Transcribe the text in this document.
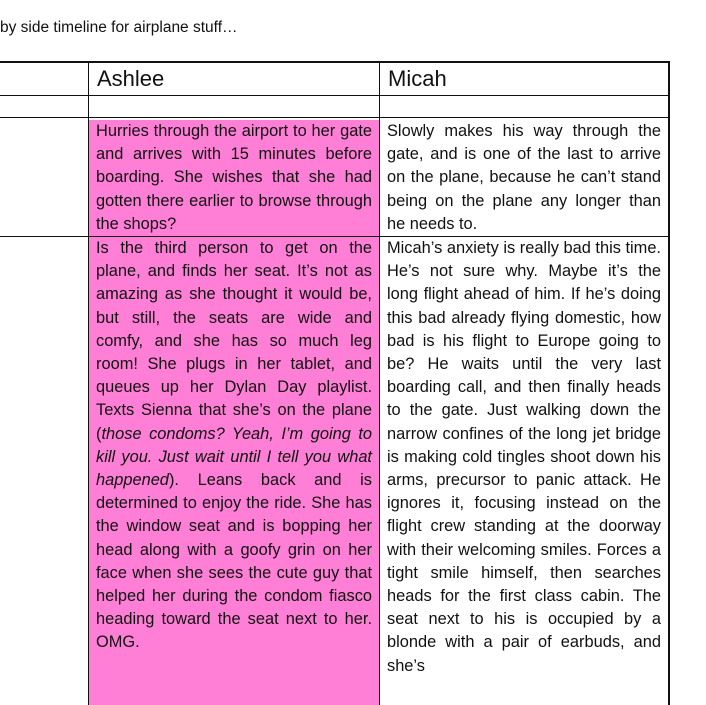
by side timeline for airplane stuff…

Ashlee	Micah

Hurries through the airport to her gate and arrives with 15 minutes before boarding. She wishes that she had gotten there earlier to browse through the shops?

Slowly makes his way through the gate, and is one of the last to arrive on the plane, because he can’t stand being on the plane any longer than he needs to.

Is the third person to get on the plane, and finds her seat. It’s not as amazing as she thought it would be, but still, the seats are wide and comfy, and she has so much leg room! She plugs in her tablet, and queues up her Dylan Day playlist. Texts Sienna that she’s on the plane (those condoms? Yeah, I’m going to kill you. Just wait until I tell you what happened). Leans back and is determined to enjoy the ride. She has the window seat and is bopping her head along with a goofy grin on her face when she sees the cute guy that helped her during the condom fiasco heading toward the seat next to her. OMG.

Micah’s anxiety is really bad this time. He’s not sure why. Maybe it’s the long flight ahead of him. If he’s doing this bad already flying domestic, how bad is his flight to Europe going to be? He waits until the very last boarding call, and then finally heads to the gate. Just walking down the narrow confines of the long jet bridge is making cold tingles shoot down his arms, precursor to panic attack. He ignores it, focusing instead on the flight crew standing at the doorway with their welcoming smiles. Forces a tight smile himself, then searches heads for the first class cabin. The seat next to his is occupied by a blonde with a pair of earbuds, and she’s
